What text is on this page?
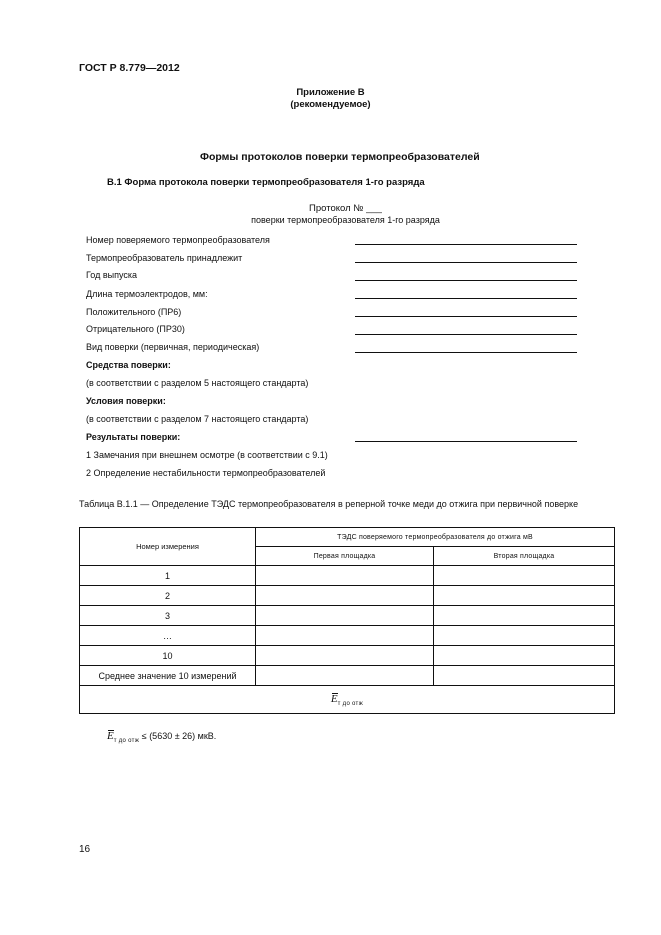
ГОСТ Р 8.779—2012
Приложение В
(рекомендуемое)
Формы протоколов поверки термопреобразователей
В.1 Форма протокола поверки термопреобразователя 1-го разряда
Протокол № ___
поверки термопреобразователя 1-го разряда
Номер поверяемого термопреобразователя
Термопреобразователь принадлежит
Год выпуска
Длина термоэлектродов, мм:
Положительного (ПР6)
Отрицательного (ПР30)
Вид поверки (первичная, периодическая)
Средства поверки:
(в соответствии с разделом 5 настоящего стандарта)
Условия поверки:
(в соответствии с разделом 7 настоящего стандарта)
Результаты поверки:
1 Замечания при внешнем осмотре (в соответствии с 9.1)
2 Определение нестабильности термопреобразователей
Таблица В.1.1 — Определение ТЭДС термопреобразователя в реперной точке меди до отжига при первичной поверке
Номер измерения	ТЭДС поверяемого термопреобразователя до отжига мВ	
	Первая площадка	Вторая площадка
1		
2		
3		
…		
10		
Среднее значение 10 измерений		
$E_{т до отж}$
$E_{т до отж} \le (5630 \pm 26)$ мкВ.
16
